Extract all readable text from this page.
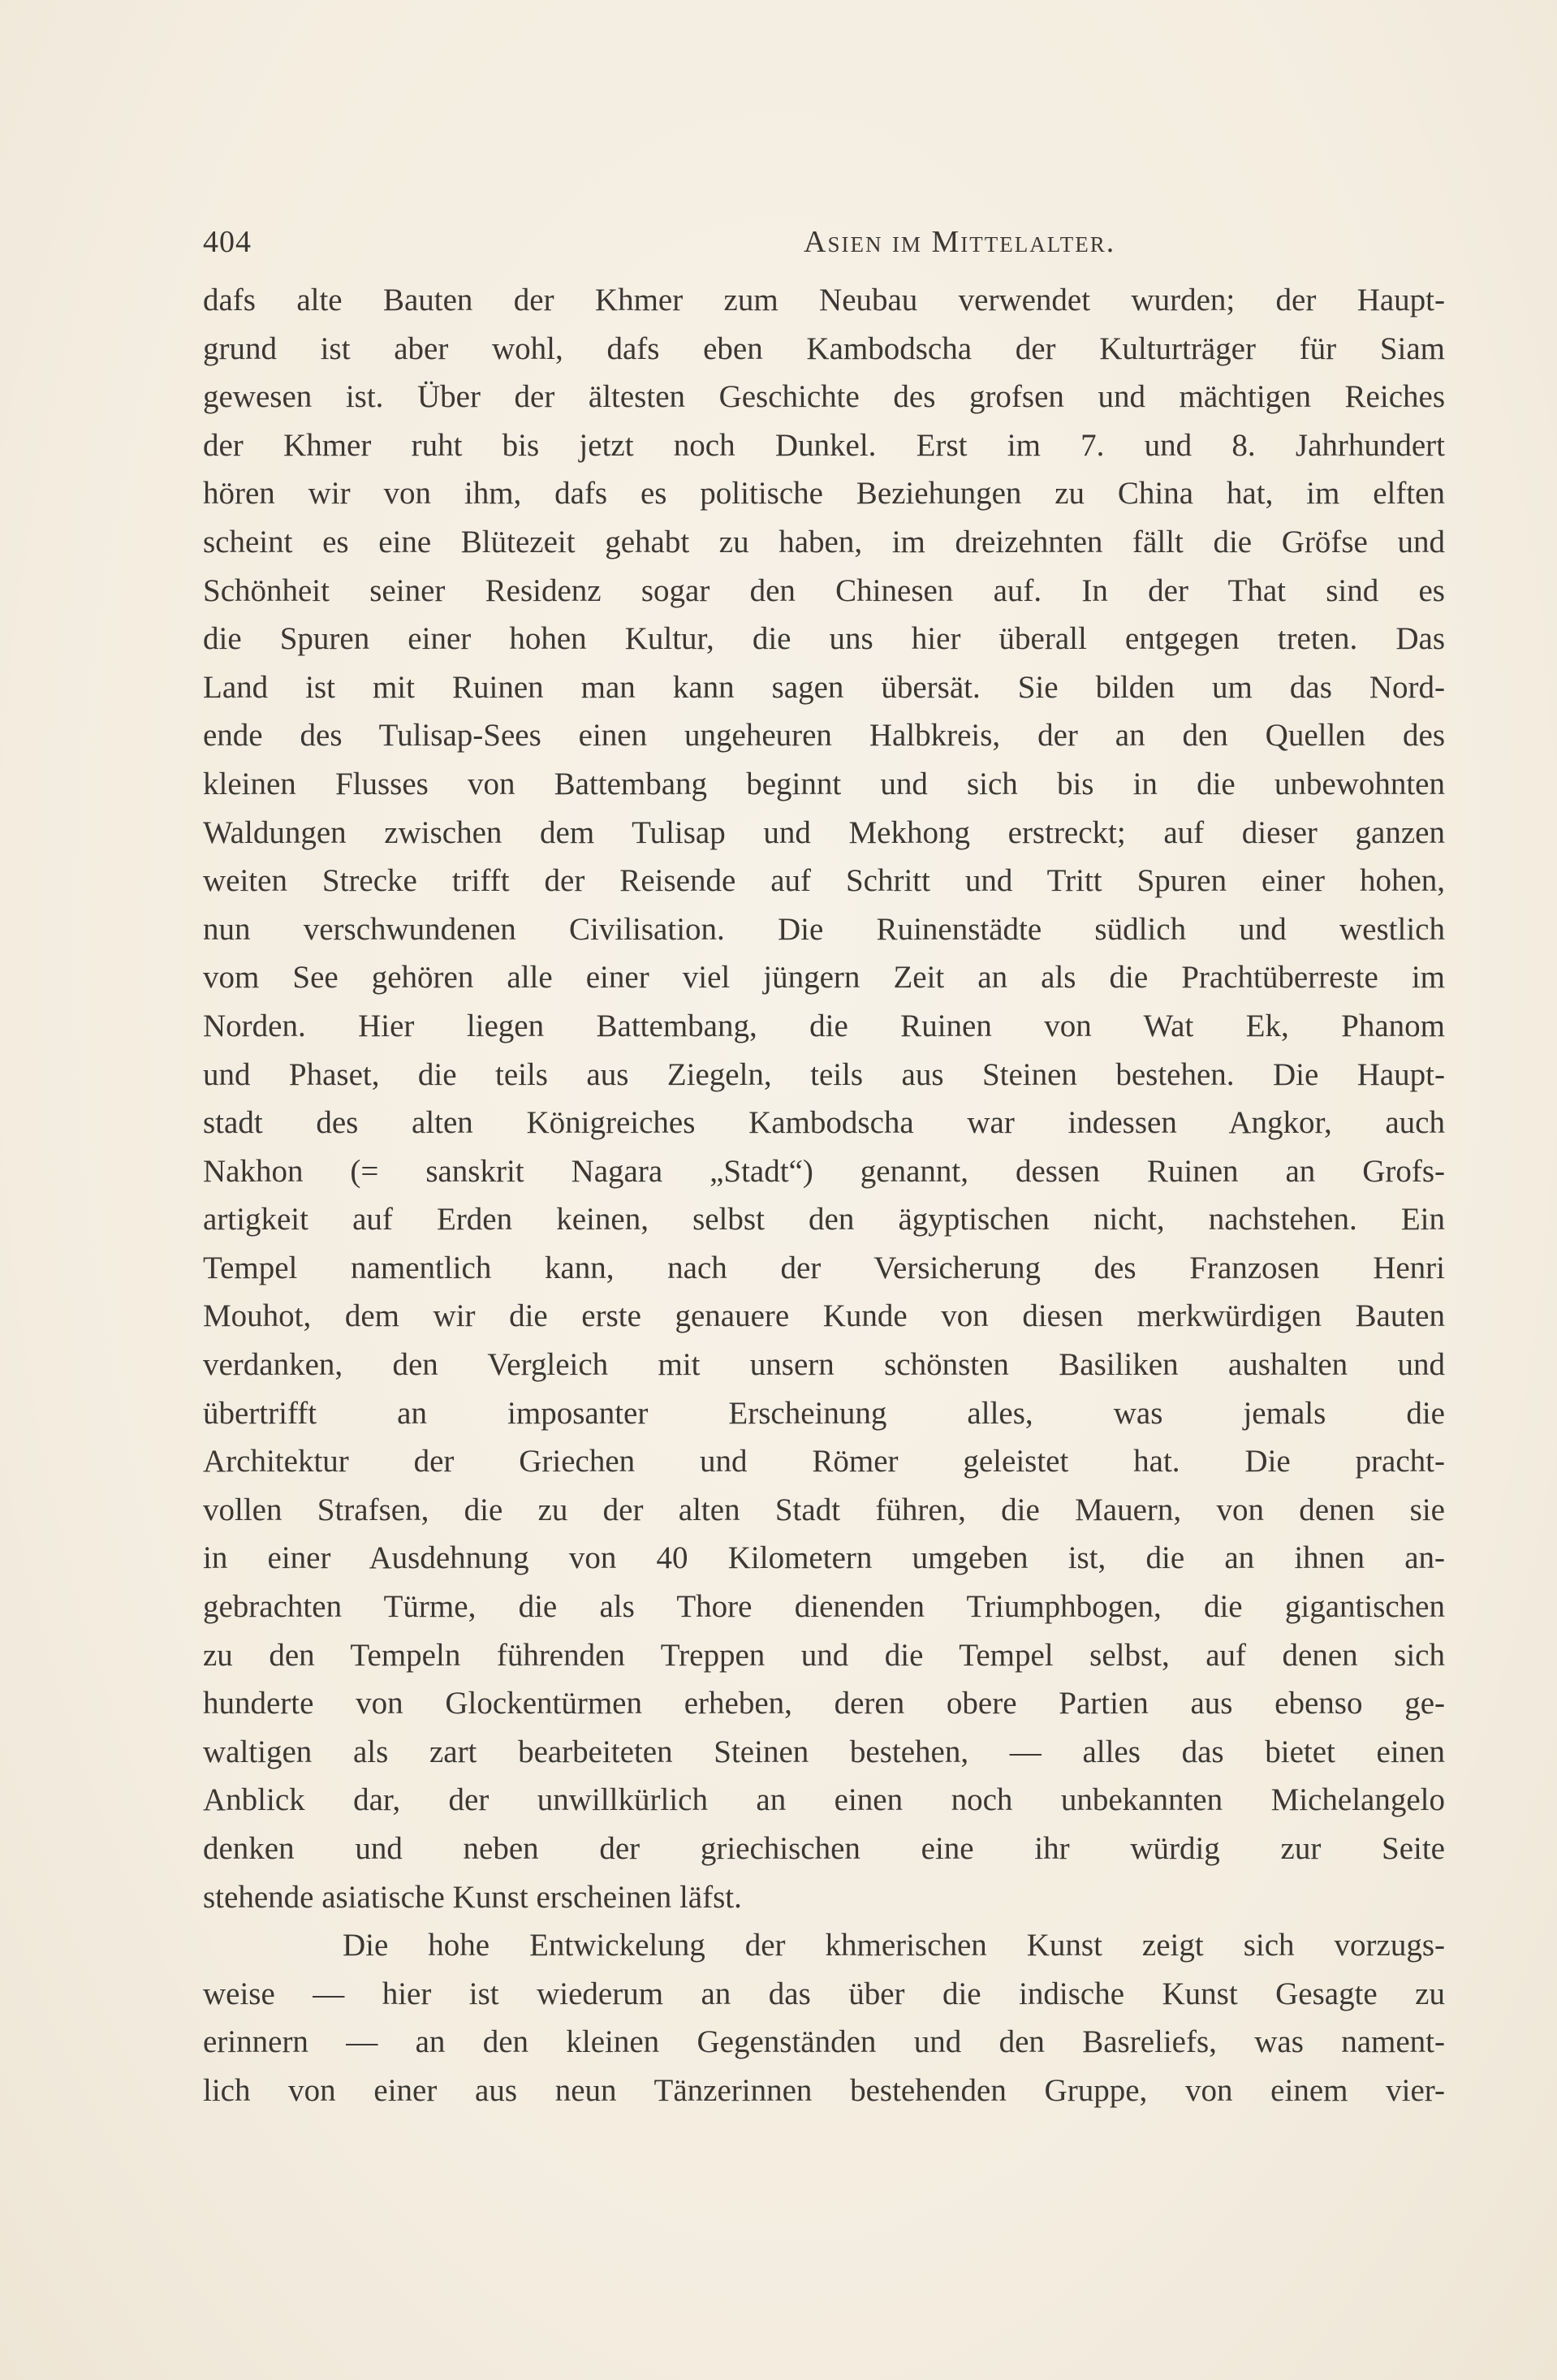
404	Asien im Mittelalter.
dafs alte Bauten der Khmer zum Neubau verwendet wurden; der Haupt-
grund ist aber wohl, dafs eben Kambodscha der Kulturträger für Siam
gewesen ist. Über der ältesten Geschichte des grofsen und mächtigen Reiches
der Khmer ruht bis jetzt noch Dunkel. Erst im 7. und 8. Jahrhundert
hören wir von ihm, dafs es politische Beziehungen zu China hat, im elften
scheint es eine Blütezeit gehabt zu haben, im dreizehnten fällt die Gröfse und
Schönheit seiner Residenz sogar den Chinesen auf. In der That sind es
die Spuren einer hohen Kultur, die uns hier überall entgegen treten. Das
Land ist mit Ruinen man kann sagen übersät. Sie bilden um das Nord-
ende des Tulisap-Sees einen ungeheuren Halbkreis, der an den Quellen des
kleinen Flusses von Battembang beginnt und sich bis in die unbewohnten
Waldungen zwischen dem Tulisap und Mekhong erstreckt; auf dieser ganzen
weiten Strecke trifft der Reisende auf Schritt und Tritt Spuren einer hohen,
nun verschwundenen Civilisation. Die Ruinenstädte südlich und westlich
vom See gehören alle einer viel jüngern Zeit an als die Prachtüberreste im
Norden. Hier liegen Battembang, die Ruinen von Wat Ek, Phanom
und Phaset, die teils aus Ziegeln, teils aus Steinen bestehen. Die Haupt-
stadt des alten Königreiches Kambodscha war indessen Angkor, auch
Nakhon (= sanskrit Nagara „Stadt“) genannt, dessen Ruinen an Grofs-
artigkeit auf Erden keinen, selbst den ägyptischen nicht, nachstehen. Ein
Tempel namentlich kann, nach der Versicherung des Franzosen Henri
Mouhot, dem wir die erste genauere Kunde von diesen merkwürdigen Bauten
verdanken, den Vergleich mit unsern schönsten Basiliken aushalten und
übertrifft an imposanter Erscheinung alles, was jemals die
Architektur der Griechen und Römer geleistet hat. Die pracht-
vollen Strafsen, die zu der alten Stadt führen, die Mauern, von denen sie
in einer Ausdehnung von 40 Kilometern umgeben ist, die an ihnen an-
gebrachten Türme, die als Thore dienenden Triumphbogen, die gigantischen
zu den Tempeln führenden Treppen und die Tempel selbst, auf denen sich
hunderte von Glockentürmen erheben, deren obere Partien aus ebenso ge-
waltigen als zart bearbeiteten Steinen bestehen, — alles das bietet einen
Anblick dar, der unwillkürlich an einen noch unbekannten Michelangelo
denken und neben der griechischen eine ihr würdig zur Seite
stehende asiatische Kunst erscheinen läfst.
Die hohe Entwickelung der khmerischen Kunst zeigt sich vorzugs-
weise — hier ist wiederum an das über die indische Kunst Gesagte zu
erinnern — an den kleinen Gegenständen und den Basreliefs, was nament-
lich von einer aus neun Tänzerinnen bestehenden Gruppe, von einem vier-
